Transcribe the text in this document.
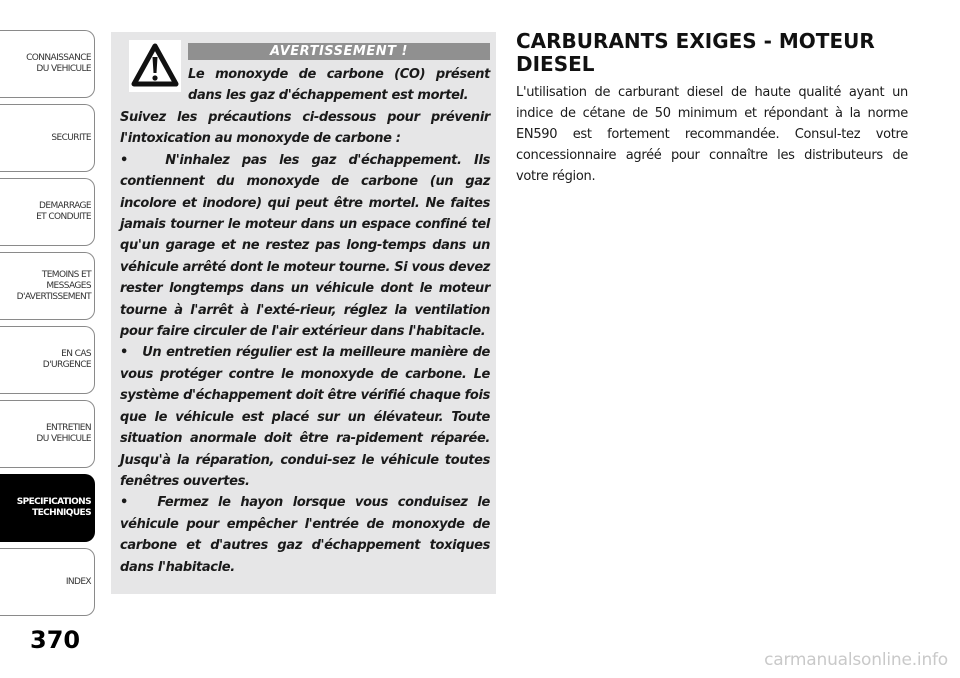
CONNAISSANCE
DU VEHICULE
SECURITE
DEMARRAGE
ET CONDUITE
TEMOINS ET
MESSAGES
D'AVERTISSEMENT
EN CAS
D'URGENCE
ENTRETIEN
DU VEHICULE
SPECIFICATIONS
TECHNIQUES
INDEX
370
AVERTISSEMENT !
Le monoxyde de carbone (CO) présent dans les gaz d'échappement est mortel.

Suivez les précautions ci-dessous pour prévenir l'intoxication au monoxyde de carbone :

•   N'inhalez pas les gaz d'échappement. Ils contiennent du monoxyde de carbone (un gaz incolore et inodore) qui peut être mortel. Ne faites jamais tourner le moteur dans un espace confiné tel qu'un garage et ne restez pas long-temps dans un véhicule arrêté dont le moteur tourne. Si vous devez rester longtemps dans un véhicule dont le moteur tourne à l'arrêt à l'exté-rieur, réglez la ventilation pour faire circuler de l'air extérieur dans l'habitacle.

•   Un entretien régulier est la meilleure manière de vous protéger contre le monoxyde de carbone. Le système d'échappement doit être vérifié chaque fois que le véhicule est placé sur un élévateur. Toute situation anormale doit être ra-pidement réparée. Jusqu'à la réparation, condui-sez le véhicule toutes fenêtres ouvertes.

•   Fermez le hayon lorsque vous conduisez le véhicule pour empêcher l'entrée de monoxyde de carbone et d'autres gaz d'échappement toxiques dans l'habitacle.

CARBURANTS EXIGES - MOTEUR DIESEL

L'utilisation de carburant diesel de haute qualité ayant un indice de cétane de 50 minimum et répondant à la norme EN590 est fortement recommandée. Consul-tez votre concessionnaire agréé pour connaître les distributeurs de votre région.

carmanualsonline.info
